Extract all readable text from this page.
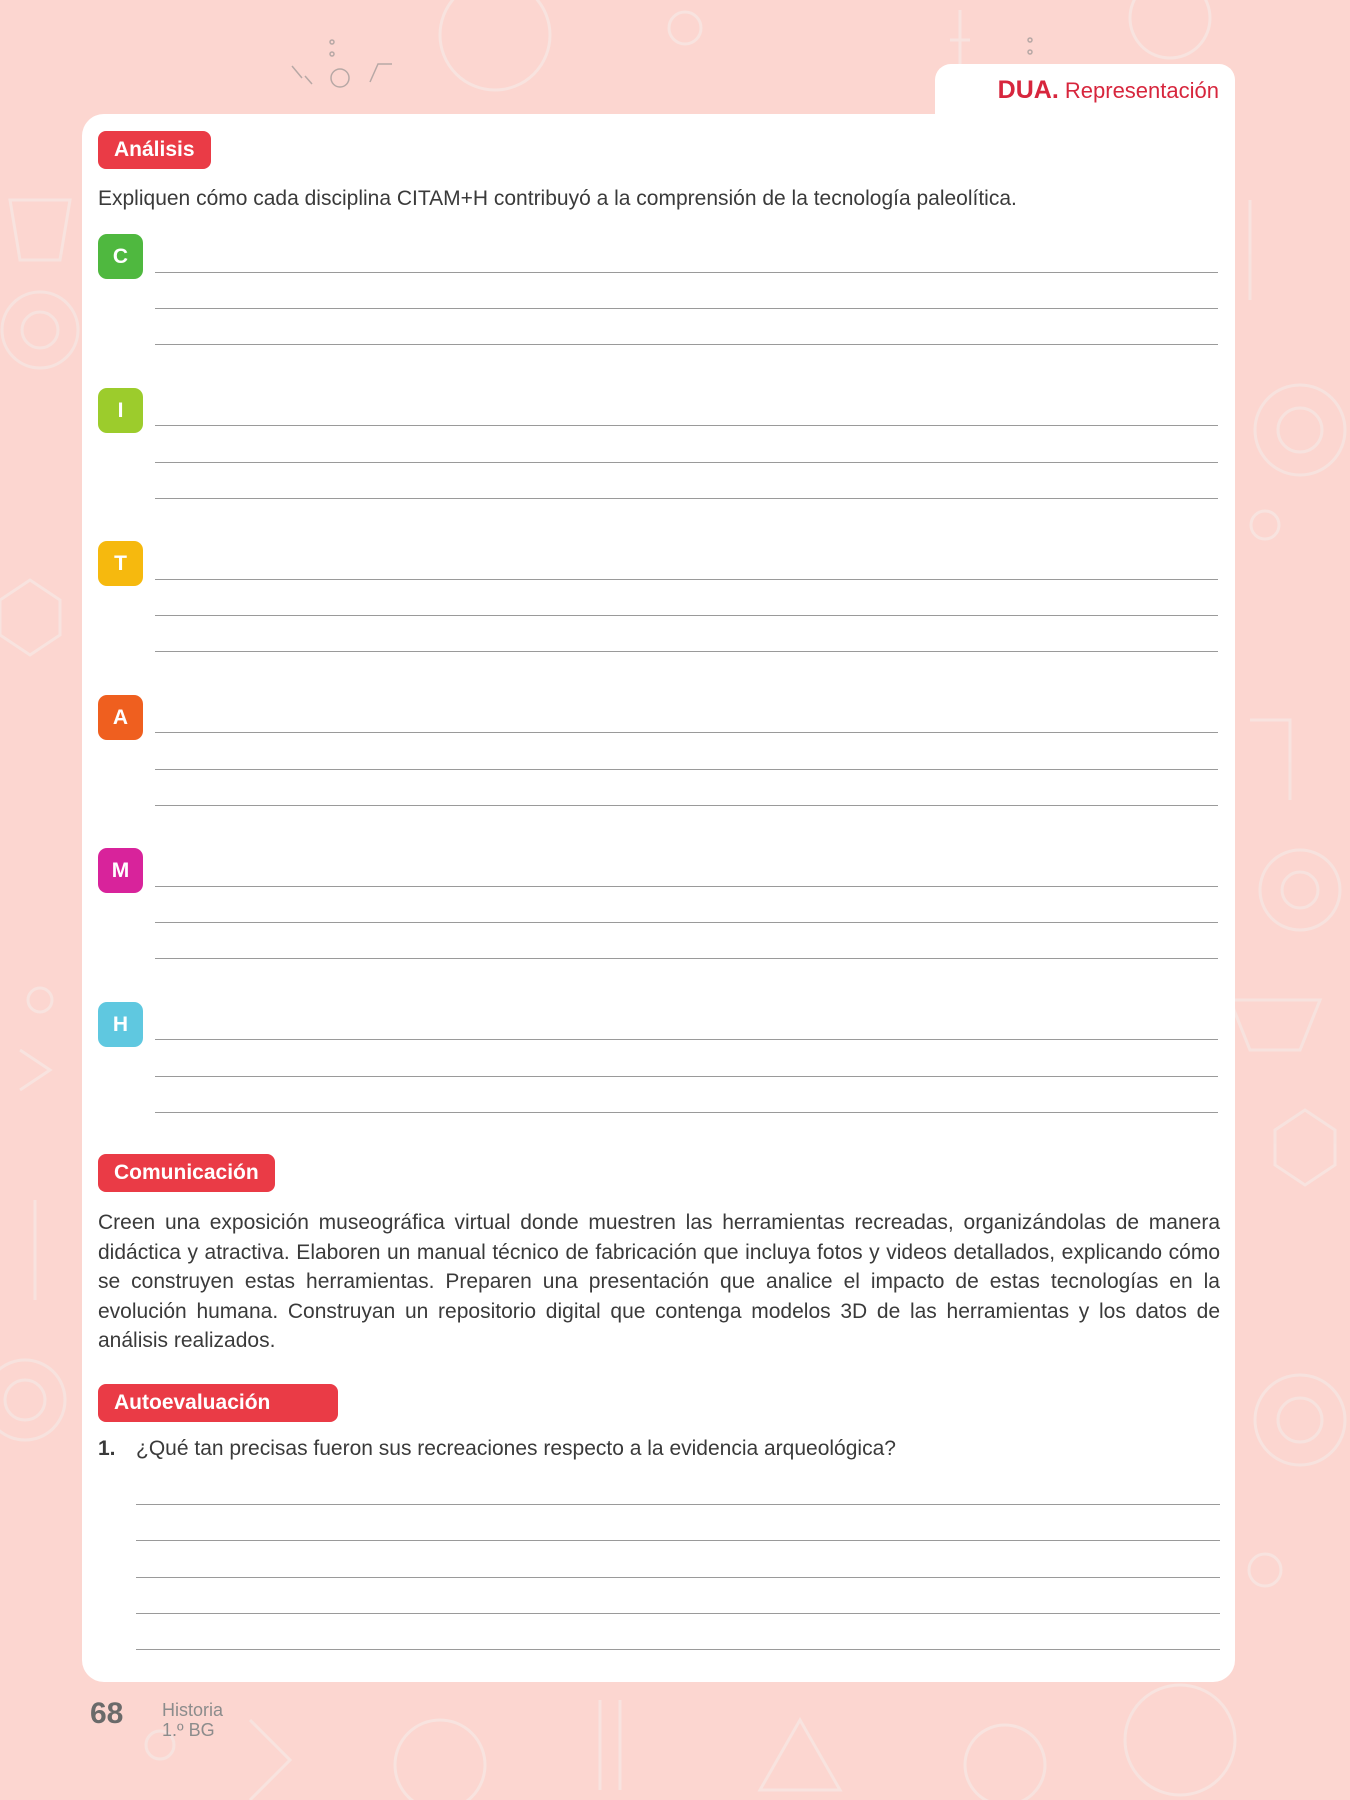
DUA. Representación
Análisis
Expliquen cómo cada disciplina CITAM+H contribuyó a la comprensión de la tecnología paleolítica.
C
I
T
A
M
H
Comunicación
Creen una exposición museográfica virtual donde muestren las herramientas recreadas, organizándolas de manera didáctica y atractiva. Elaboren un manual técnico de fabricación que incluya fotos y videos detallados, explicando cómo se construyen estas herramientas. Preparen una presentación que analice el impacto de estas tecnologías en la evolución humana. Construyan un repositorio digital que contenga modelos 3D de las herramientas y los datos de análisis realizados.
Autoevaluación
1. ¿Qué tan precisas fueron sus recreaciones respecto a la evidencia arqueológica?
68 Historia
1.º BG
